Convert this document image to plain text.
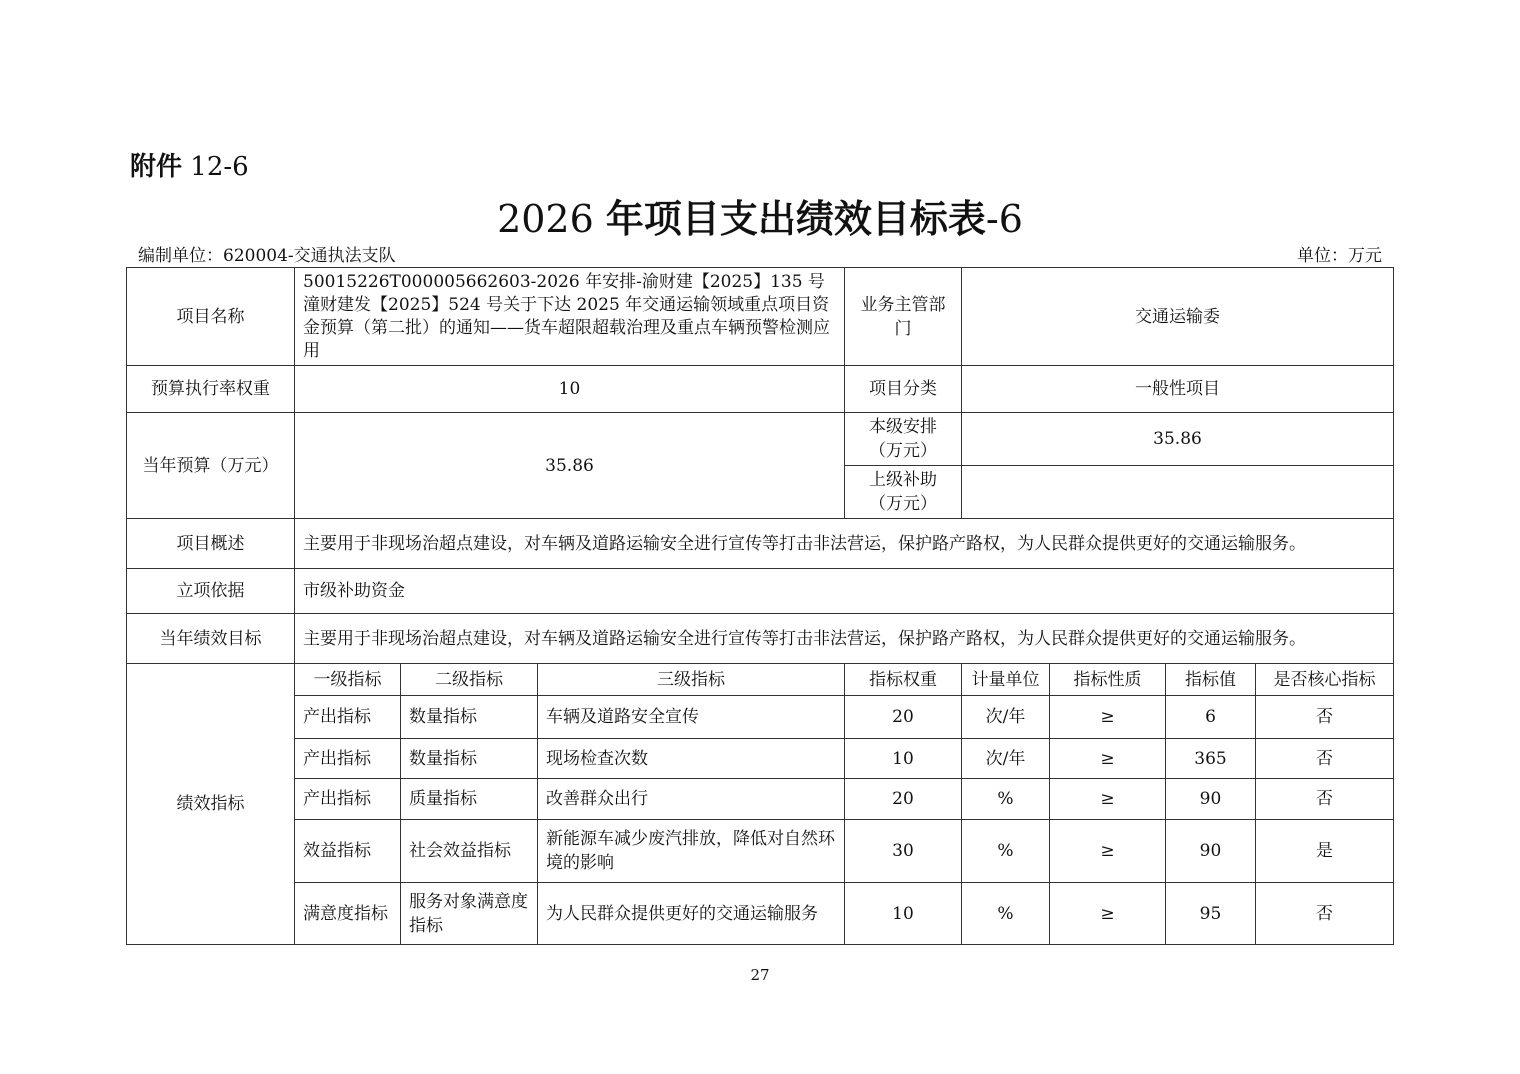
附件 12-6
2026 年项目支出绩效目标表-6
编制单位：620004-交通执法支队	单位：万元
项目名称	50015226T000005662603-2026 年安排-渝财建【2025】135 号潼财建发【2025】524 号关于下达 2025 年交通运输领域重点项目资金预算（第二批）的通知——货车超限超载治理及重点车辆预警检测应用			业务主管部门	交通运输委			
预算执行率权重	10			项目分类	一般性项目			
当年预算（万元）	35.86			本级安排（万元）	35.86			
				上级补助（万元）				
项目概述	主要用于非现场治超点建设，对车辆及道路运输安全进行宣传等打击非法营运，保护路产路权，为人民群众提供更好的交通运输服务。							
立项依据	市级补助资金							
当年绩效目标	主要用于非现场治超点建设，对车辆及道路运输安全进行宣传等打击非法营运，保护路产路权，为人民群众提供更好的交通运输服务。							
绩效指标	一级指标	二级指标	三级指标	指标权重	计量单位	指标性质	指标值	是否核心指标
	产出指标	数量指标	车辆及道路安全宣传	20	次/年	≥	6	否
	产出指标	数量指标	现场检查次数	10	次/年	≥	365	否
	产出指标	质量指标	改善群众出行	20	%	≥	90	否
	效益指标	社会效益指标	新能源车减少废汽排放，降低对自然环境的影响	30	%	≥	90	是
	满意度指标	服务对象满意度指标	为人民群众提供更好的交通运输服务	10	%	≥	95	否
27
